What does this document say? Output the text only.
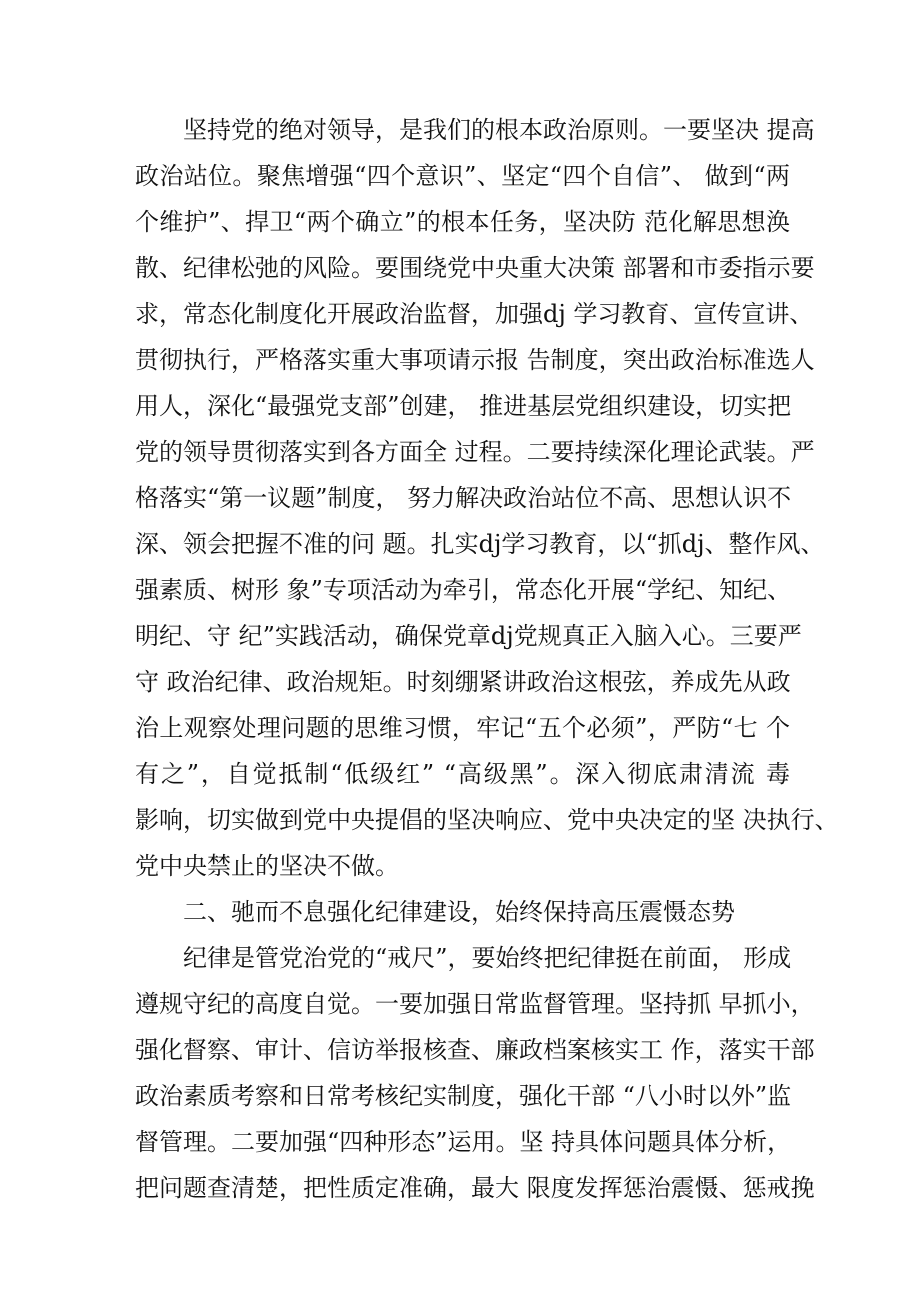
坚持党的绝对领导，是我们的根本政治原则。一要坚决 提高
政治站位。聚焦增强“四个意识”、坚定“四个自信”、 做到“两
个维护”、捍卫“两个确立”的根本任务，坚决防 范化解思想涣
散、纪律松弛的风险。要围绕党中央重大决策 部署和市委指示要
求，常态化制度化开展政治监督，加强dj 学习教育、宣传宣讲、
贯彻执行，严格落实重大事项请示报 告制度，突出政治标准选人
用人，深化“最强党支部”创建， 推进基层党组织建设，切实把
党的领导贯彻落实到各方面全 过程。二要持续深化理论武装。严
格落实“第一议题”制度， 努力解决政治站位不高、思想认识不
深、领会把握不准的问 题。扎实dj学习教育，以“抓dj、整作风、
强素质、树形 象”专项活动为牵引，常态化开展“学纪、知纪、
明纪、守 纪”实践活动，确保党章dj党规真正入脑入心。三要严
守 政治纪律、政治规矩。时刻绷紧讲政治这根弦，养成先从政
治上观察处理问题的思维习惯，牢记“五个必须”，严防“七 个
有之”，自觉抵制“低级红” “高级黑”。深入彻底肃清流 毒
影响，切实做到党中央提倡的坚决响应、党中央决定的坚 决执行、
党中央禁止的坚决不做。
二、驰而不息强化纪律建设，始终保持高压震慑态势
纪律是管党治党的“戒尺”，要始终把纪律挺在前面， 形成
遵规守纪的高度自觉。一要加强日常监督管理。坚持抓 早抓小，
强化督察、审计、信访举报核查、廉政档案核实工 作，落实干部
政治素质考察和日常考核纪实制度，强化干部 “八小时以外”监
督管理。二要加强“四种形态”运用。坚 持具体问题具体分析，
把问题查清楚，把性质定准确，最大 限度发挥惩治震慑、惩戒挽
